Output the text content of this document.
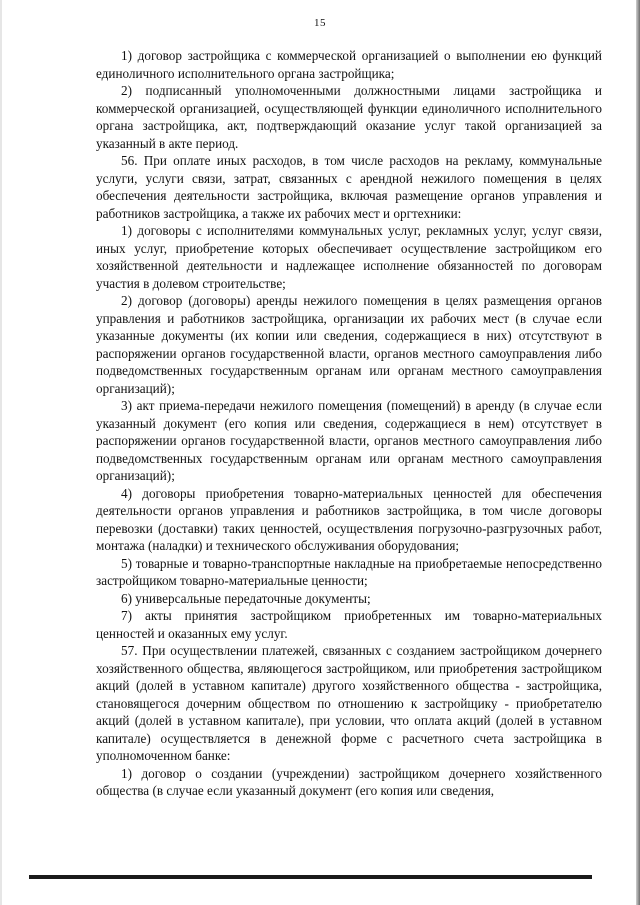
15

1) договор застройщика с коммерческой организацией о выполнении ею функций единоличного исполнительного органа застройщика;

2) подписанный уполномоченными должностными лицами застройщика и коммерческой организацией, осуществляющей функции единоличного исполнительного органа застройщика, акт, подтверждающий оказание услуг такой организацией за указанный в акте период.

56. При оплате иных расходов, в том числе расходов на рекламу, коммунальные услуги, услуги связи, затрат, связанных с арендной нежилого помещения в целях обеспечения деятельности застройщика, включая размещение органов управления и работников застройщика, а также их рабочих мест и оргтехники:

1) договоры с исполнителями коммунальных услуг, рекламных услуг, услуг связи, иных услуг, приобретение которых обеспечивает осуществление застройщиком его хозяйственной деятельности и надлежащее исполнение обязанностей по договорам участия в долевом строительстве;

2) договор (договоры) аренды нежилого помещения в целях размещения органов управления и работников застройщика, организации их рабочих мест (в случае если указанные документы (их копии или сведения, содержащиеся в них) отсутствуют в распоряжении органов государственной власти, органов местного самоуправления либо подведомственных государственным органам или органам местного самоуправления организаций);

3) акт приема-передачи нежилого помещения (помещений) в аренду (в случае если указанный документ (его копия или сведения, содержащиеся в нем) отсутствует в распоряжении органов государственной власти, органов местного самоуправления либо подведомственных государственным органам или органам местного самоуправления организаций);

4) договоры приобретения товарно-материальных ценностей для обеспечения деятельности органов управления и работников застройщика, в том числе договоры перевозки (доставки) таких ценностей, осуществления погрузочно-разгрузочных работ, монтажа (наладки) и технического обслуживания оборудования;

5) товарные и товарно-транспортные накладные на приобретаемые непосредственно застройщиком товарно-материальные ценности;

6) универсальные передаточные документы;

7) акты принятия застройщиком приобретенных им товарно-материальных ценностей и оказанных ему услуг.

57. При осуществлении платежей, связанных с созданием застройщиком дочернего хозяйственного общества, являющегося застройщиком, или приобретения застройщиком акций (долей в уставном капитале) другого хозяйственного общества - застройщика, становящегося дочерним обществом по отношению к застройщику - приобретателю акций (долей в уставном капитале), при условии, что оплата акций (долей в уставном капитале) осуществляется в денежной форме с расчетного счета застройщика в уполномоченном банке:

1) договор о создании (учреждении) застройщиком дочернего хозяйственного общества (в случае если указанный документ (его копия или сведения,
